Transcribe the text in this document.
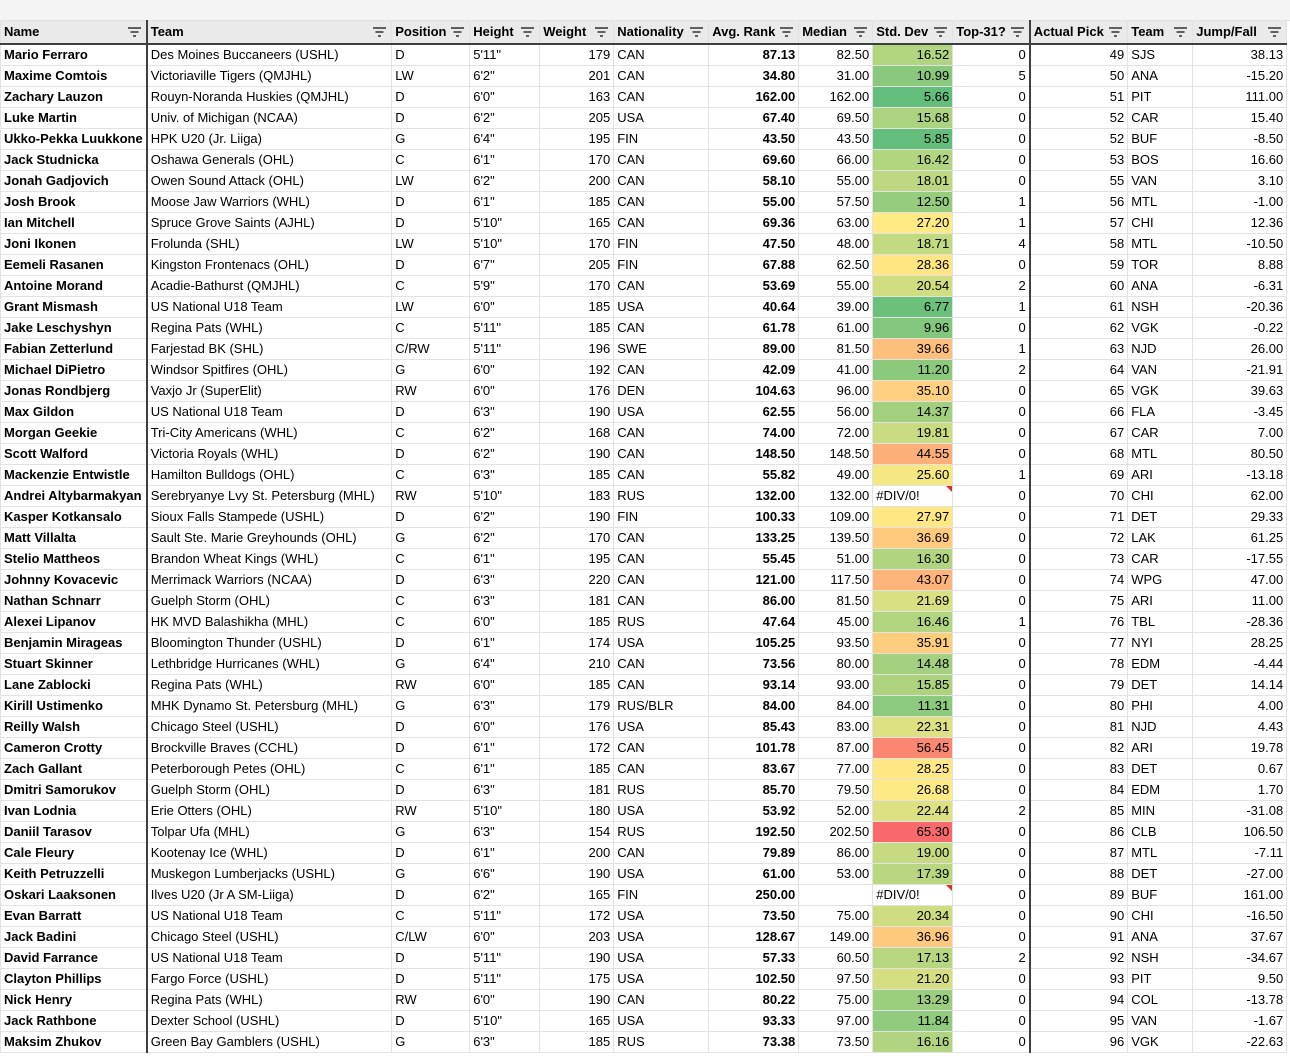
Name	Team	Position	Height	Weight	Nationality	Avg. Rank	Median	Std. Dev	Top-31?	Actual Pick	Team	Jump/Fall

Mario Ferraro	Des Moines Buccaneers (USHL)	D	5'11"	179	CAN	87.13	82.50	16.52	0	49	SJS	38.13
Maxime Comtois	Victoriaville Tigers (QMJHL)	LW	6'2"	201	CAN	34.80	31.00	10.99	5	50	ANA	-15.20
Zachary Lauzon	Rouyn-Noranda Huskies (QMJHL)	D	6'0"	163	CAN	162.00	162.00	5.66	0	51	PIT	111.00
Luke Martin	Univ. of Michigan (NCAA)	D	6'2"	205	USA	67.40	69.50	15.68	0	52	CAR	15.40
Ukko-Pekka Luukkone	HPK U20 (Jr. Liiga)	G	6'4"	195	FIN	43.50	43.50	5.85	0	52	BUF	-8.50
Jack Studnicka	Oshawa Generals (OHL)	C	6'1"	170	CAN	69.60	66.00	16.42	0	53	BOS	16.60
Jonah Gadjovich	Owen Sound Attack (OHL)	LW	6'2"	200	CAN	58.10	55.00	18.01	0	55	VAN	3.10
Josh Brook	Moose Jaw Warriors (WHL)	D	6'1"	185	CAN	55.00	57.50	12.50	1	56	MTL	-1.00
Ian Mitchell	Spruce Grove Saints (AJHL)	D	5'10"	165	CAN	69.36	63.00	27.20	1	57	CHI	12.36
Joni Ikonen	Frolunda (SHL)	LW	5'10"	170	FIN	47.50	48.00	18.71	4	58	MTL	-10.50
Eemeli Rasanen	Kingston Frontenacs (OHL)	D	6'7"	205	FIN	67.88	62.50	28.36	0	59	TOR	8.88
Antoine Morand	Acadie-Bathurst (QMJHL)	C	5'9"	170	CAN	53.69	55.00	20.54	2	60	ANA	-6.31
Grant Mismash	US National U18 Team	LW	6'0"	185	USA	40.64	39.00	6.77	1	61	NSH	-20.36
Jake Leschyshyn	Regina Pats (WHL)	C	5'11"	185	CAN	61.78	61.00	9.96	0	62	VGK	-0.22
Fabian Zetterlund	Farjestad BK (SHL)	C/RW	5'11"	196	SWE	89.00	81.50	39.66	1	63	NJD	26.00
Michael DiPietro	Windsor Spitfires (OHL)	G	6'0"	192	CAN	42.09	41.00	11.20	2	64	VAN	-21.91
Jonas Rondbjerg	Vaxjo Jr (SuperElit)	RW	6'0"	176	DEN	104.63	96.00	35.10	0	65	VGK	39.63
Max Gildon	US National U18 Team	D	6'3"	190	USA	62.55	56.00	14.37	0	66	FLA	-3.45
Morgan Geekie	Tri-City Americans (WHL)	C	6'2"	168	CAN	74.00	72.00	19.81	0	67	CAR	7.00
Scott Walford	Victoria Royals (WHL)	D	6'2"	190	CAN	148.50	148.50	44.55	0	68	MTL	80.50
Mackenzie Entwistle	Hamilton Bulldogs (OHL)	C	6'3"	185	CAN	55.82	49.00	25.60	1	69	ARI	-13.18
Andrei Altybarmakyan	Serebryanye Lvy St. Petersburg (MHL)	RW	5'10"	183	RUS	132.00	132.00	#DIV/0!	0	70	CHI	62.00
Kasper Kotkansalo	Sioux Falls Stampede (USHL)	D	6'2"	190	FIN	100.33	109.00	27.97	0	71	DET	29.33
Matt Villalta	Sault Ste. Marie Greyhounds (OHL)	G	6'2"	170	CAN	133.25	139.50	36.69	0	72	LAK	61.25
Stelio Mattheos	Brandon Wheat Kings (WHL)	C	6'1"	195	CAN	55.45	51.00	16.30	0	73	CAR	-17.55
Johnny Kovacevic	Merrimack Warriors (NCAA)	D	6'3"	220	CAN	121.00	117.50	43.07	0	74	WPG	47.00
Nathan Schnarr	Guelph Storm (OHL)	C	6'3"	181	CAN	86.00	81.50	21.69	0	75	ARI	11.00
Alexei Lipanov	HK MVD Balashikha (MHL)	C	6'0"	185	RUS	47.64	45.00	16.46	1	76	TBL	-28.36
Benjamin Mirageas	Bloomington Thunder (USHL)	D	6'1"	174	USA	105.25	93.50	35.91	0	77	NYI	28.25
Stuart Skinner	Lethbridge Hurricanes (WHL)	G	6'4"	210	CAN	73.56	80.00	14.48	0	78	EDM	-4.44
Lane Zablocki	Regina Pats (WHL)	RW	6'0"	185	CAN	93.14	93.00	15.85	0	79	DET	14.14
Kirill Ustimenko	MHK Dynamo St. Petersburg (MHL)	G	6'3"	179	RUS/BLR	84.00	84.00	11.31	0	80	PHI	4.00
Reilly Walsh	Chicago Steel (USHL)	D	6'0"	176	USA	85.43	83.00	22.31	0	81	NJD	4.43
Cameron Crotty	Brockville Braves (CCHL)	D	6'1"	172	CAN	101.78	87.00	56.45	0	82	ARI	19.78
Zach Gallant	Peterborough Petes (OHL)	C	6'1"	185	CAN	83.67	77.00	28.25	0	83	DET	0.67
Dmitri Samorukov	Guelph Storm (OHL)	D	6'3"	181	RUS	85.70	79.50	26.68	0	84	EDM	1.70
Ivan Lodnia	Erie Otters (OHL)	RW	5'10"	180	USA	53.92	52.00	22.44	2	85	MIN	-31.08
Daniil Tarasov	Tolpar Ufa (MHL)	G	6'3"	154	RUS	192.50	202.50	65.30	0	86	CLB	106.50
Cale Fleury	Kootenay Ice (WHL)	D	6'1"	200	CAN	79.89	86.00	19.00	0	87	MTL	-7.11
Keith Petruzzelli	Muskegon Lumberjacks (USHL)	G	6'6"	190	USA	61.00	53.00	17.39	0	88	DET	-27.00
Oskari Laaksonen	Ilves U20 (Jr A SM-Liiga)	D	6'2"	165	FIN	250.00		#DIV/0!	0	89	BUF	161.00
Evan Barratt	US National U18 Team	C	5'11"	172	USA	73.50	75.00	20.34	0	90	CHI	-16.50
Jack Badini	Chicago Steel (USHL)	C/LW	6'0"	203	USA	128.67	149.00	36.96	0	91	ANA	37.67
David Farrance	US National U18 Team	D	5'11"	190	USA	57.33	60.50	17.13	2	92	NSH	-34.67
Clayton Phillips	Fargo Force (USHL)	D	5'11"	175	USA	102.50	97.50	21.20	0	93	PIT	9.50
Nick Henry	Regina Pats (WHL)	RW	6'0"	190	CAN	80.22	75.00	13.29	0	94	COL	-13.78
Jack Rathbone	Dexter School (USHL)	D	5'10"	165	USA	93.33	97.00	11.84	0	95	VAN	-1.67
Maksim Zhukov	Green Bay Gamblers (USHL)	G	6'3"	185	RUS	73.38	73.50	16.16	0	96	VGK	-22.63
